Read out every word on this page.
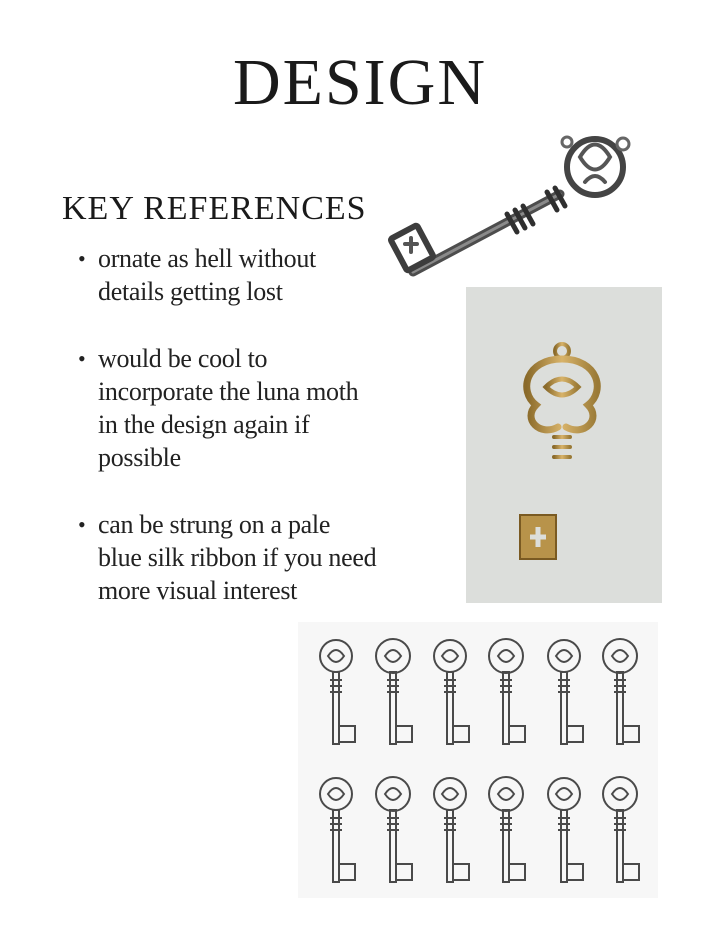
DESIGN
KEY REFERENCES
• ornate as hell without details getting lost
• would be cool to incorporate the luna moth in the design again if possible
• can be strung on a pale blue silk ribbon if you need more visual interest
